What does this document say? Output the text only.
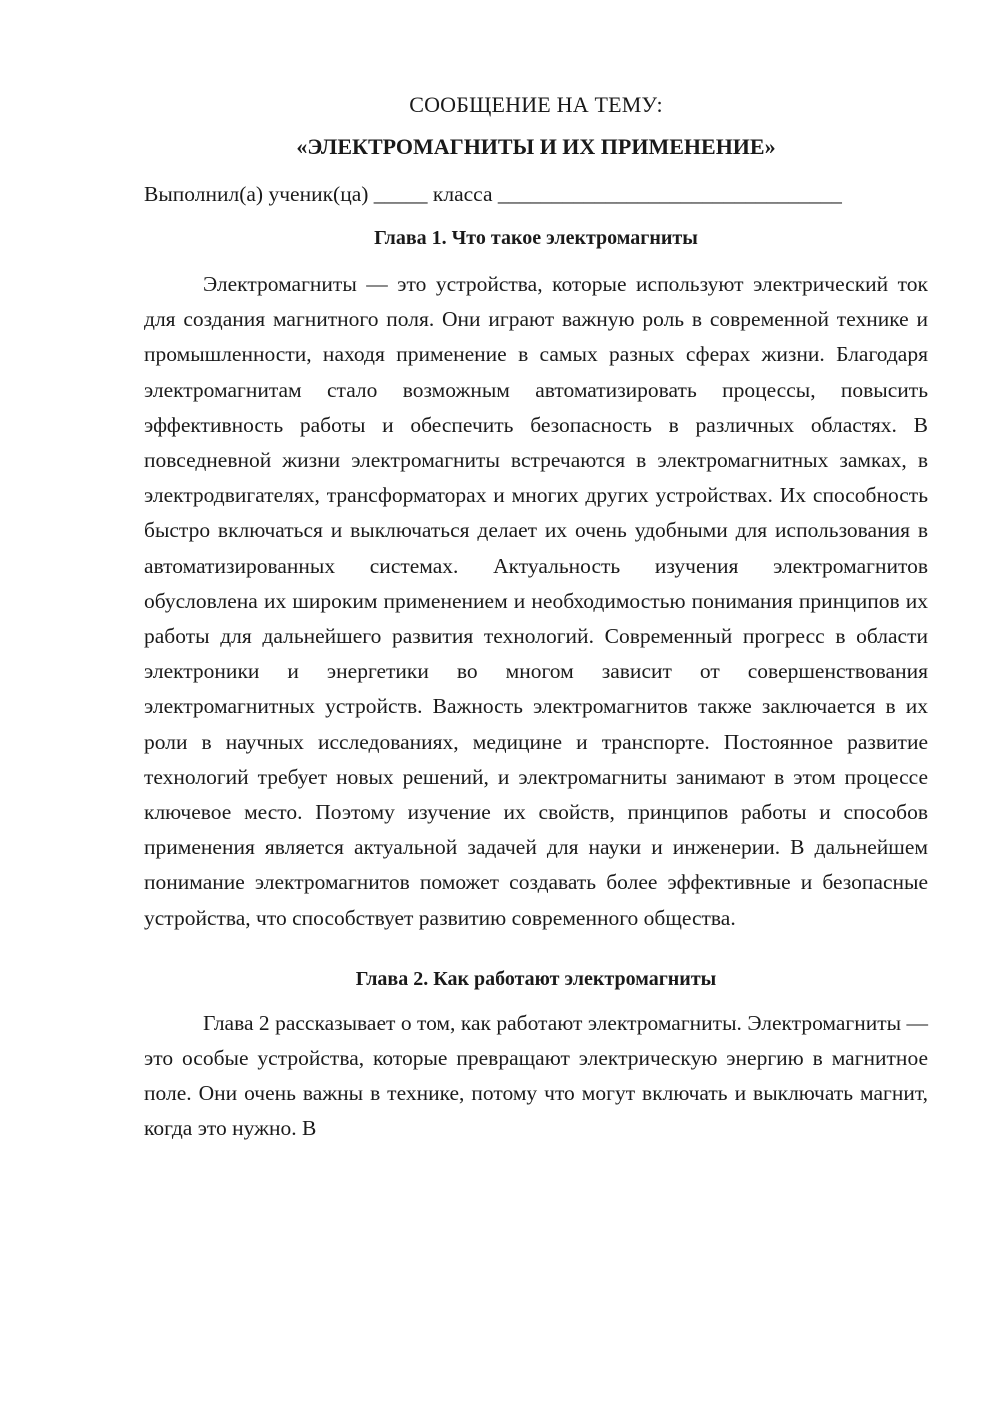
СООБЩЕНИЕ НА ТЕМУ:
«ЭЛЕКТРОМАГНИТЫ И ИХ ПРИМЕНЕНИЕ»
Выполнил(а) ученик(ца) _____ класса ________________________________
Глава 1. Что такое электромагниты

Электромагниты — это устройства, которые используют электрический ток для создания магнитного поля. Они играют важную роль в современной технике и промышленности, находя применение в самых разных сферах жизни. Благодаря электромагнитам стало возможным автоматизировать процессы, повысить эффективность работы и обеспечить безопасность в различных областях. В повседневной жизни электромагниты встречаются в электромагнитных замках, в электродвигателях, трансформаторах и многих других устройствах. Их способность быстро включаться и выключаться делает их очень удобными для использования в автоматизированных системах. Актуальность изучения электромагнитов обусловлена их широким применением и необходимостью понимания принципов их работы для дальнейшего развития технологий. Современный прогресс в области электроники и энергетики во многом зависит от совершенствования электромагнитных устройств. Важность электромагнитов также заключается в их роли в научных исследованиях, медицине и транспорте. Постоянное развитие технологий требует новых решений, и электромагниты занимают в этом процессе ключевое место. Поэтому изучение их свойств, принципов работы и способов применения является актуальной задачей для науки и инженерии. В дальнейшем понимание электромагнитов поможет создавать более эффективные и безопасные устройства, что способствует развитию современного общества.

Глава 2. Как работают электромагниты

Глава 2 рассказывает о том, как работают электромагниты. Электромагниты — это особые устройства, которые превращают электрическую энергию в магнитное поле. Они очень важны в технике, потому что могут включать и выключать магнит, когда это нужно. В
